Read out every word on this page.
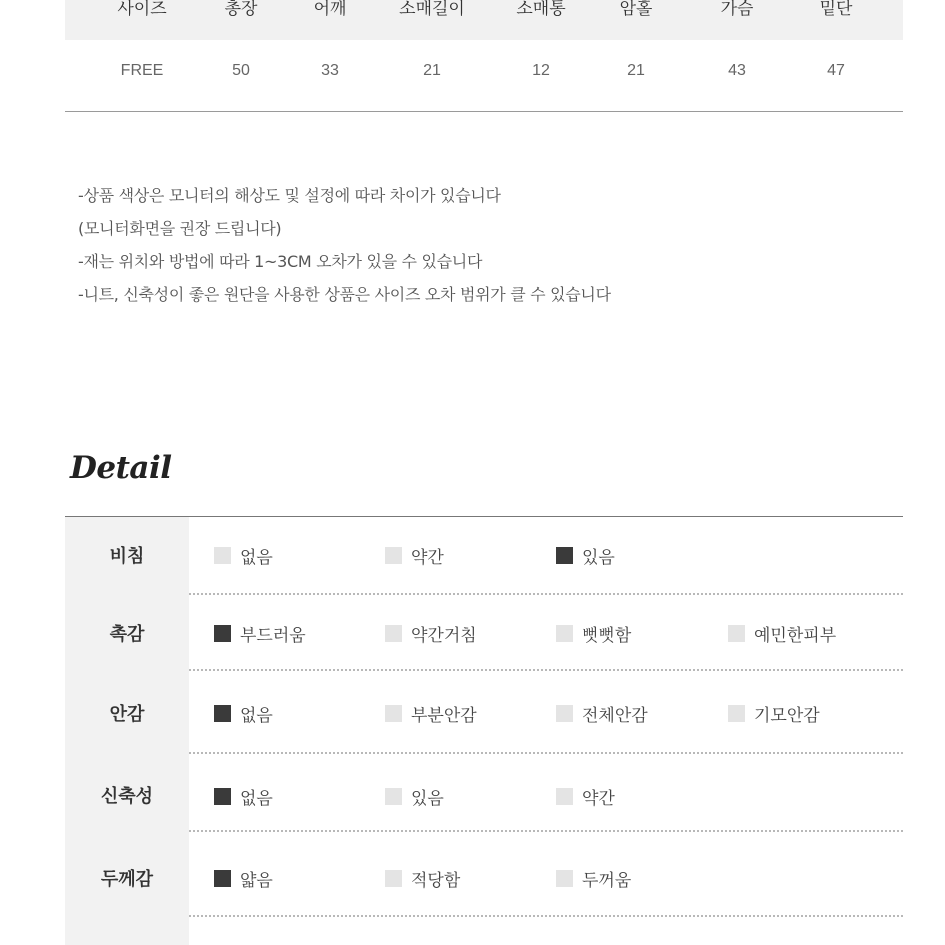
사이즈	총장	어깨	소매길이	소매통	암홀	가슴	밑단
FREE	50	33	21	12	21	43	47
-상품 색상은 모니터의 해상도 및 설정에 따라 차이가 있습니다
(모니터화면을 권장 드립니다)
-재는 위치와 방법에 따라 1~3CM 오차가 있을 수 있습니다
-니트, 신축성이 좋은 원단을 사용한 상품은 사이즈 오차 범위가 클 수 있습니다
Detail
비침	없음	약간	있음
촉감	부드러움	약간거침	뻣뻣함	예민한피부
안감	없음	부분안감	전체안감	기모안감
신축성	없음	있음	약간
두께감	얇음	적당함	두꺼움
